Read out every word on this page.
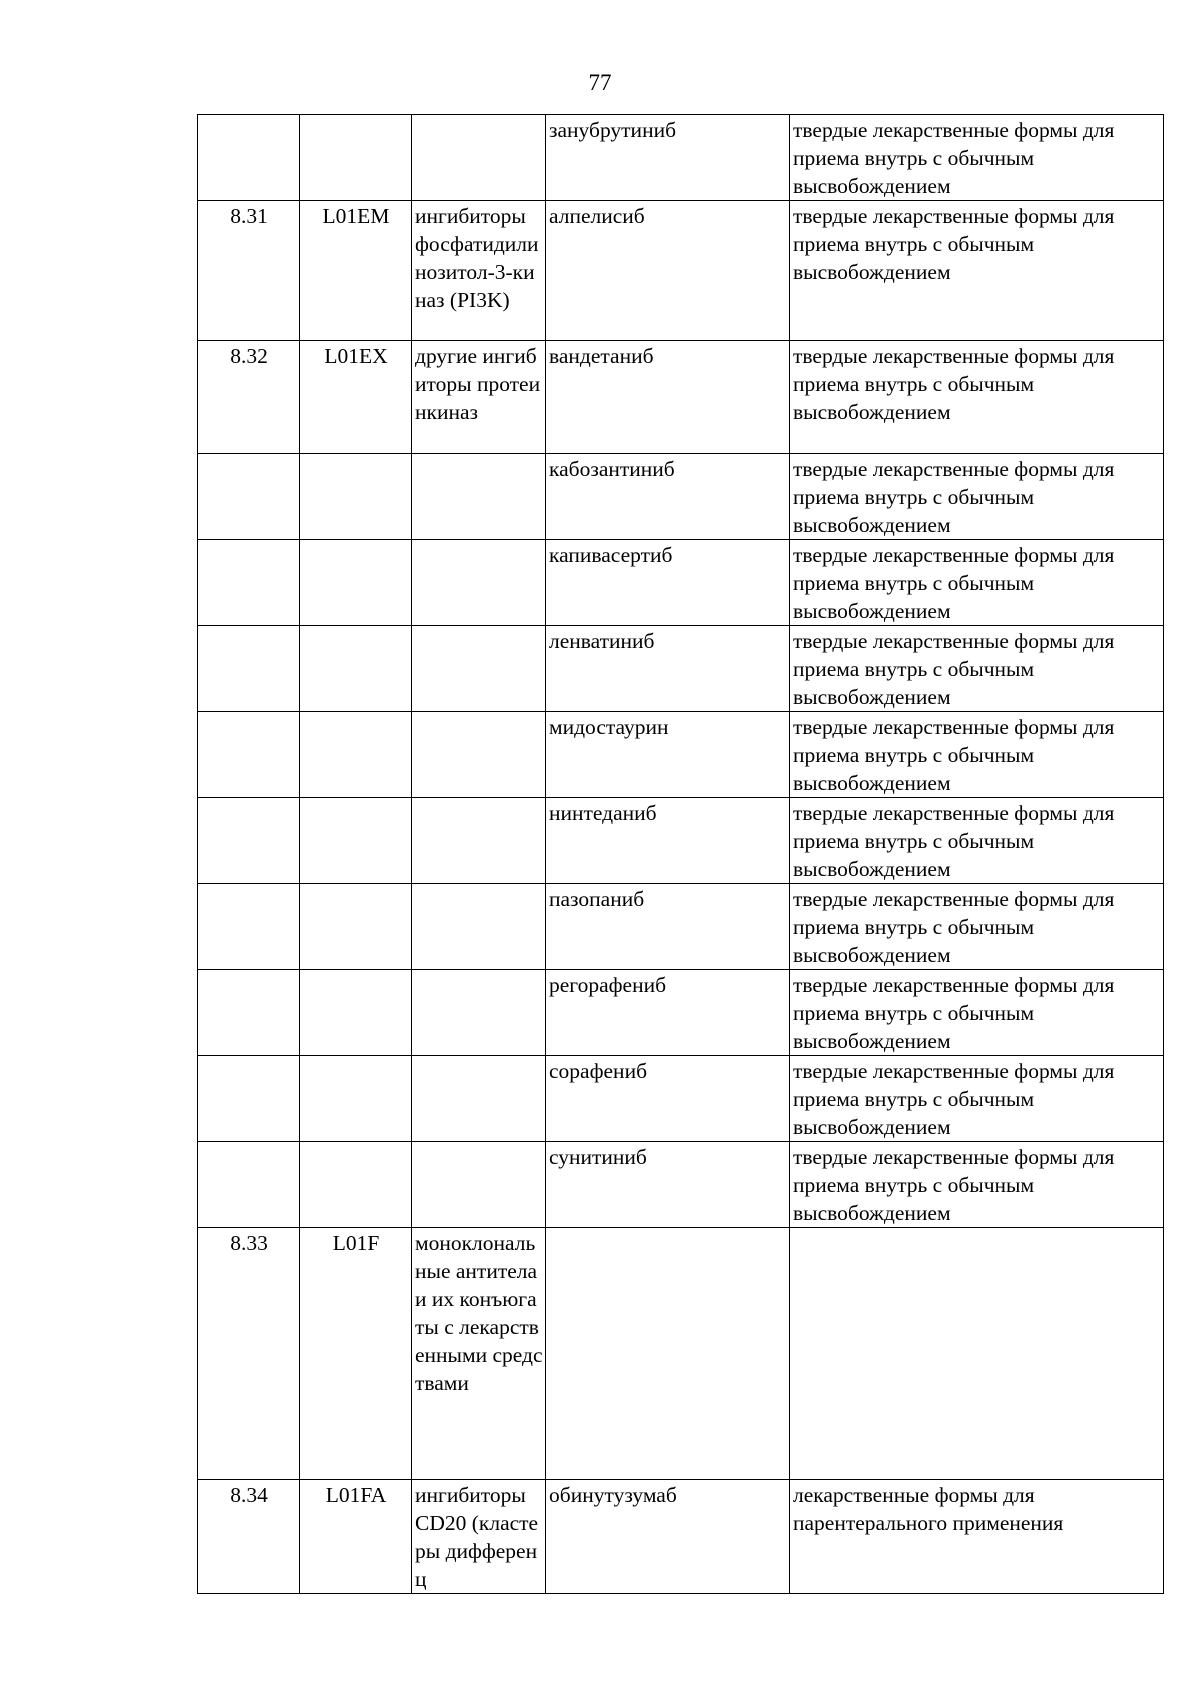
77
			занубрутиниб	твердые лекарственные формы для приема внутрь с обычным высвобождением
8.31	L01EM	ингибиторы фосфатидилинозитол-3-киназ (PI3K)	алпелисиб	твердые лекарственные формы для приема внутрь с обычным высвобождением
8.32	L01EX	другие ингибиторы протеинкиназ	вандетаниб	твердые лекарственные формы для приема внутрь с обычным высвобождением
			кабозантиниб	твердые лекарственные формы для приема внутрь с обычным высвобождением
			капивасертиб	твердые лекарственные формы для приема внутрь с обычным высвобождением
			ленватиниб	твердые лекарственные формы для приема внутрь с обычным высвобождением
			мидостаурин	твердые лекарственные формы для приема внутрь с обычным высвобождением
			нинтеданиб	твердые лекарственные формы для приема внутрь с обычным высвобождением
			пазопаниб	твердые лекарственные формы для приема внутрь с обычным высвобождением
			регорафениб	твердые лекарственные формы для приема внутрь с обычным высвобождением
			сорафениб	твердые лекарственные формы для приема внутрь с обычным высвобождением
			сунитиниб	твердые лекарственные формы для приема внутрь с обычным высвобождением
8.33	L01F	моноклональные антитела и их конъюгаты с лекарственными средствами		
8.34	L01FA	ингибиторы CD20 (кластеры дифференц	обинутузумаб	лекарственные формы для парентерального применения
